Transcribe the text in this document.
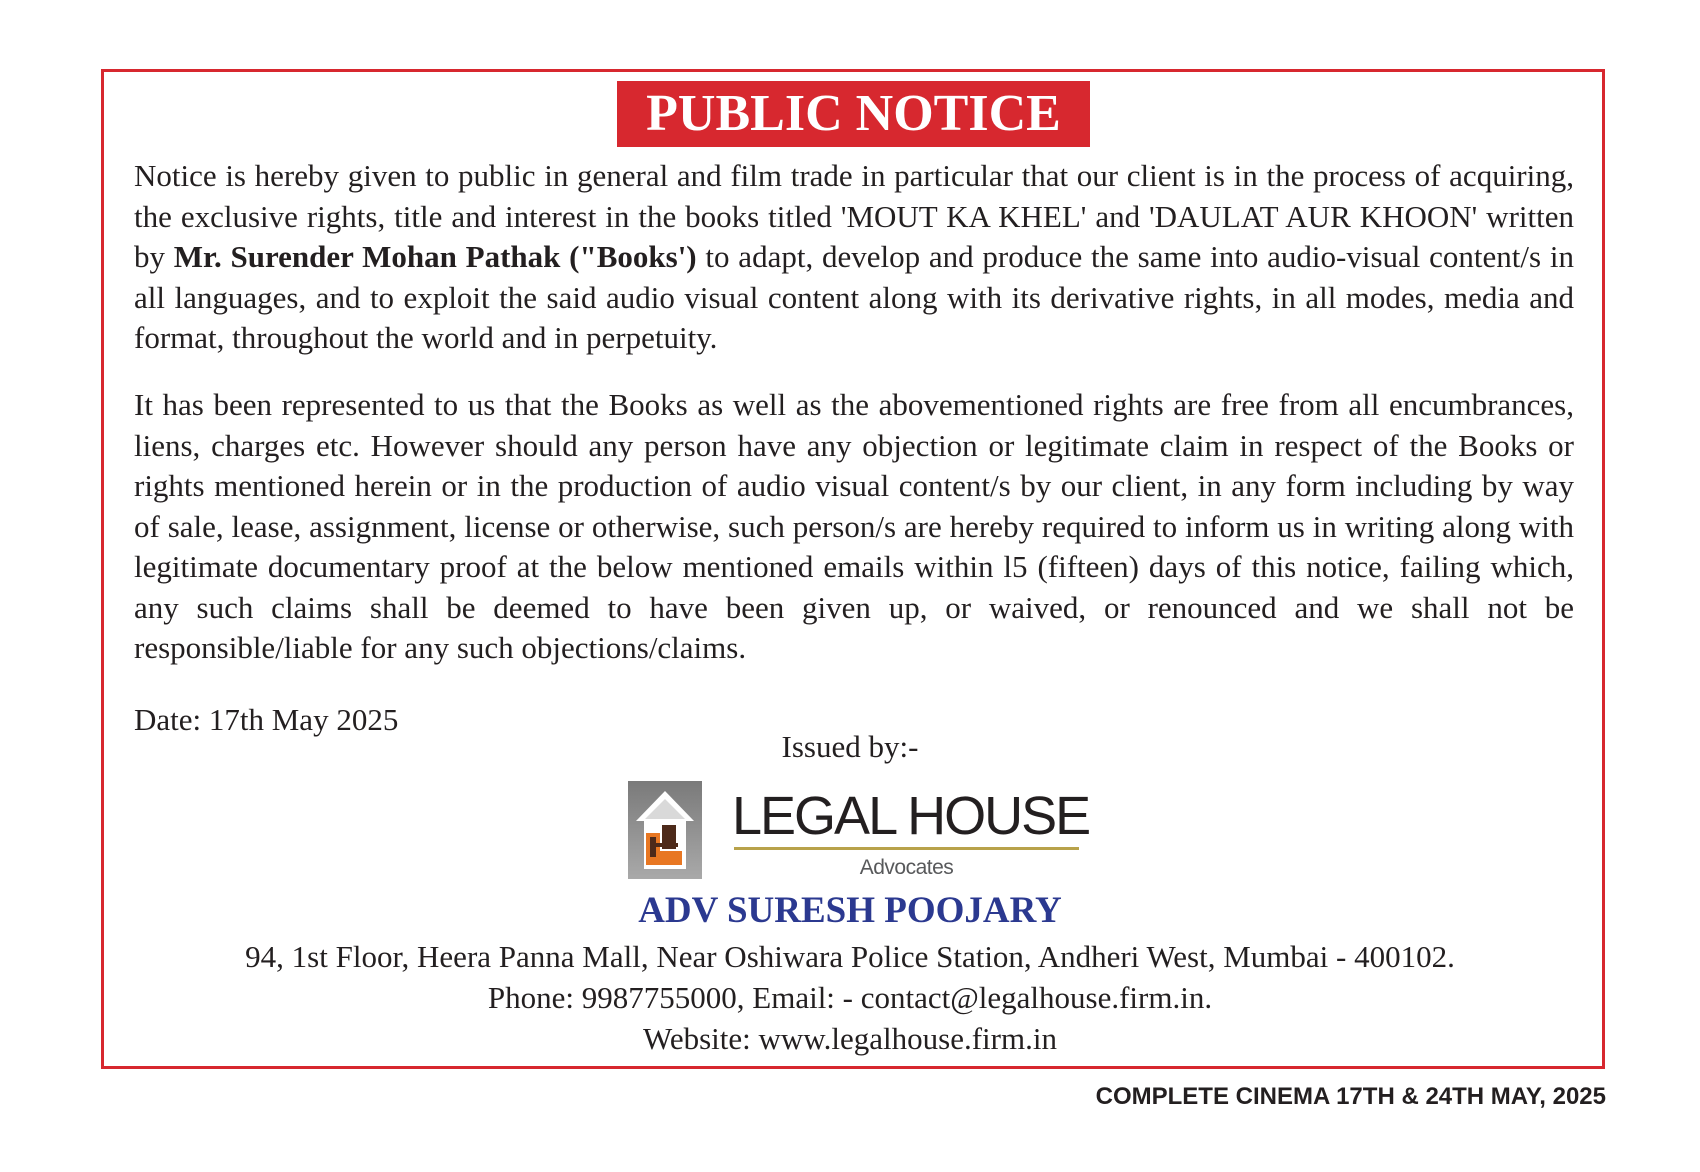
PUBLIC NOTICE

Notice is hereby given to public in general and film trade in particular that our client is in the process of acquiring, the exclusive rights, title and interest in the books titled 'MOUT KA KHEL' and 'DAULAT AUR KHOON' written by Mr. Surender Mohan Pathak ("Books') to adapt, develop and produce the same into audio-visual content/s in all languages, and to exploit the said audio visual content along with its derivative rights, in all modes, media and format, throughout the world and in perpetuity.

It has been represented to us that the Books as well as the abovementioned rights are free from all encumbrances, liens, charges etc. However should any person have any objection or legitimate claim in respect of the Books or rights mentioned herein or in the production of audio visual content/s by our client, in any form including by way of sale, lease, assignment, license or otherwise, such person/s are hereby required to inform us in writing along with legitimate documentary proof at the below mentioned emails within l5 (fifteen) days of this notice, failing which, any such claims shall be deemed to have been given up, or waived, or renounced and we shall not be responsible/liable for any such objections/claims.

Date: 17th May 2025
Issued by:-
LEGAL HOUSE
Advocates
ADV SURESH POOJARY
94, 1st Floor, Heera Panna Mall, Near Oshiwara Police Station, Andheri West, Mumbai - 400102.
Phone: 9987755000, Email: - contact@legalhouse.firm.in.
Website: www.legalhouse.firm.in
COMPLETE CINEMA 17TH & 24TH MAY, 2025
